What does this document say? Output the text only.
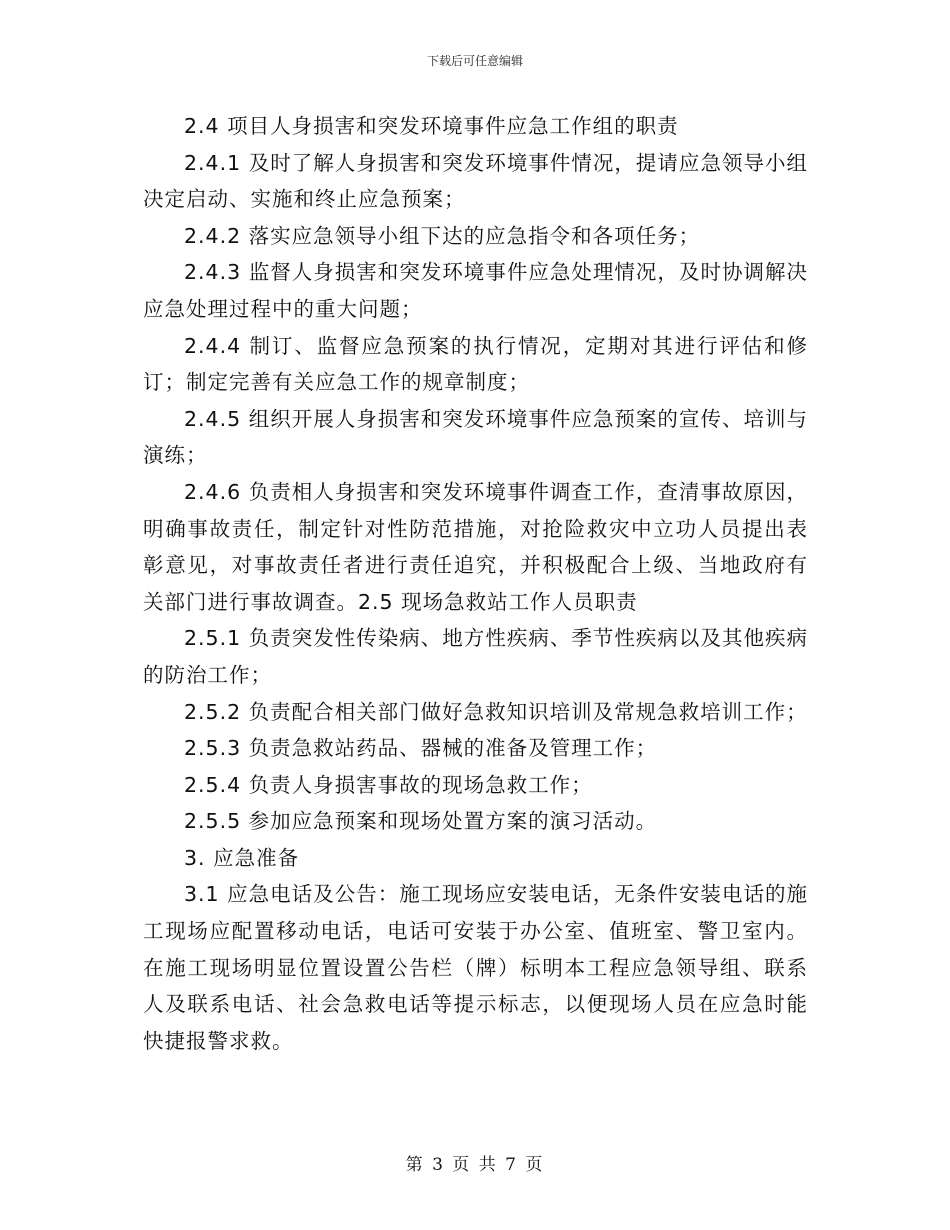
下载后可任意编辑

2.4 项目人身损害和突发环境事件应急工作组的职责

2.4.1 及时了解人身损害和突发环境事件情况，提请应急领导小组决定启动、实施和终止应急预案；

2.4.2 落实应急领导小组下达的应急指令和各项任务；

2.4.3 监督人身损害和突发环境事件应急处理情况，及时协调解决应急处理过程中的重大问题；

2.4.4 制订、监督应急预案的执行情况，定期对其进行评估和修订；制定完善有关应急工作的规章制度；

2.4.5 组织开展人身损害和突发环境事件应急预案的宣传、培训与演练；

2.4.6 负责相人身损害和突发环境事件调查工作，查清事故原因，明确事故责任，制定针对性防范措施，对抢险救灾中立功人员提出表彰意见，对事故责任者进行责任追究，并积极配合上级、当地政府有关部门进行事故调查。2.5 现场急救站工作人员职责

2.5.1 负责突发性传染病、地方性疾病、季节性疾病以及其他疾病的防治工作；

2.5.2 负责配合相关部门做好急救知识培训及常规急救培训工作；

2.5.3 负责急救站药品、器械的准备及管理工作；

2.5.4 负责人身损害事故的现场急救工作；

2.5.5 参加应急预案和现场处置方案的演习活动。

3. 应急准备

3.1 应急电话及公告：施工现场应安装电话，无条件安装电话的施工现场应配置移动电话，电话可安装于办公室、值班室、警卫室内。在施工现场明显位置设置公告栏（牌）标明本工程应急领导组、联系人及联系电话、社会急救电话等提示标志，以便现场人员在应急时能快捷报警求救。

第 3 页 共 7 页
